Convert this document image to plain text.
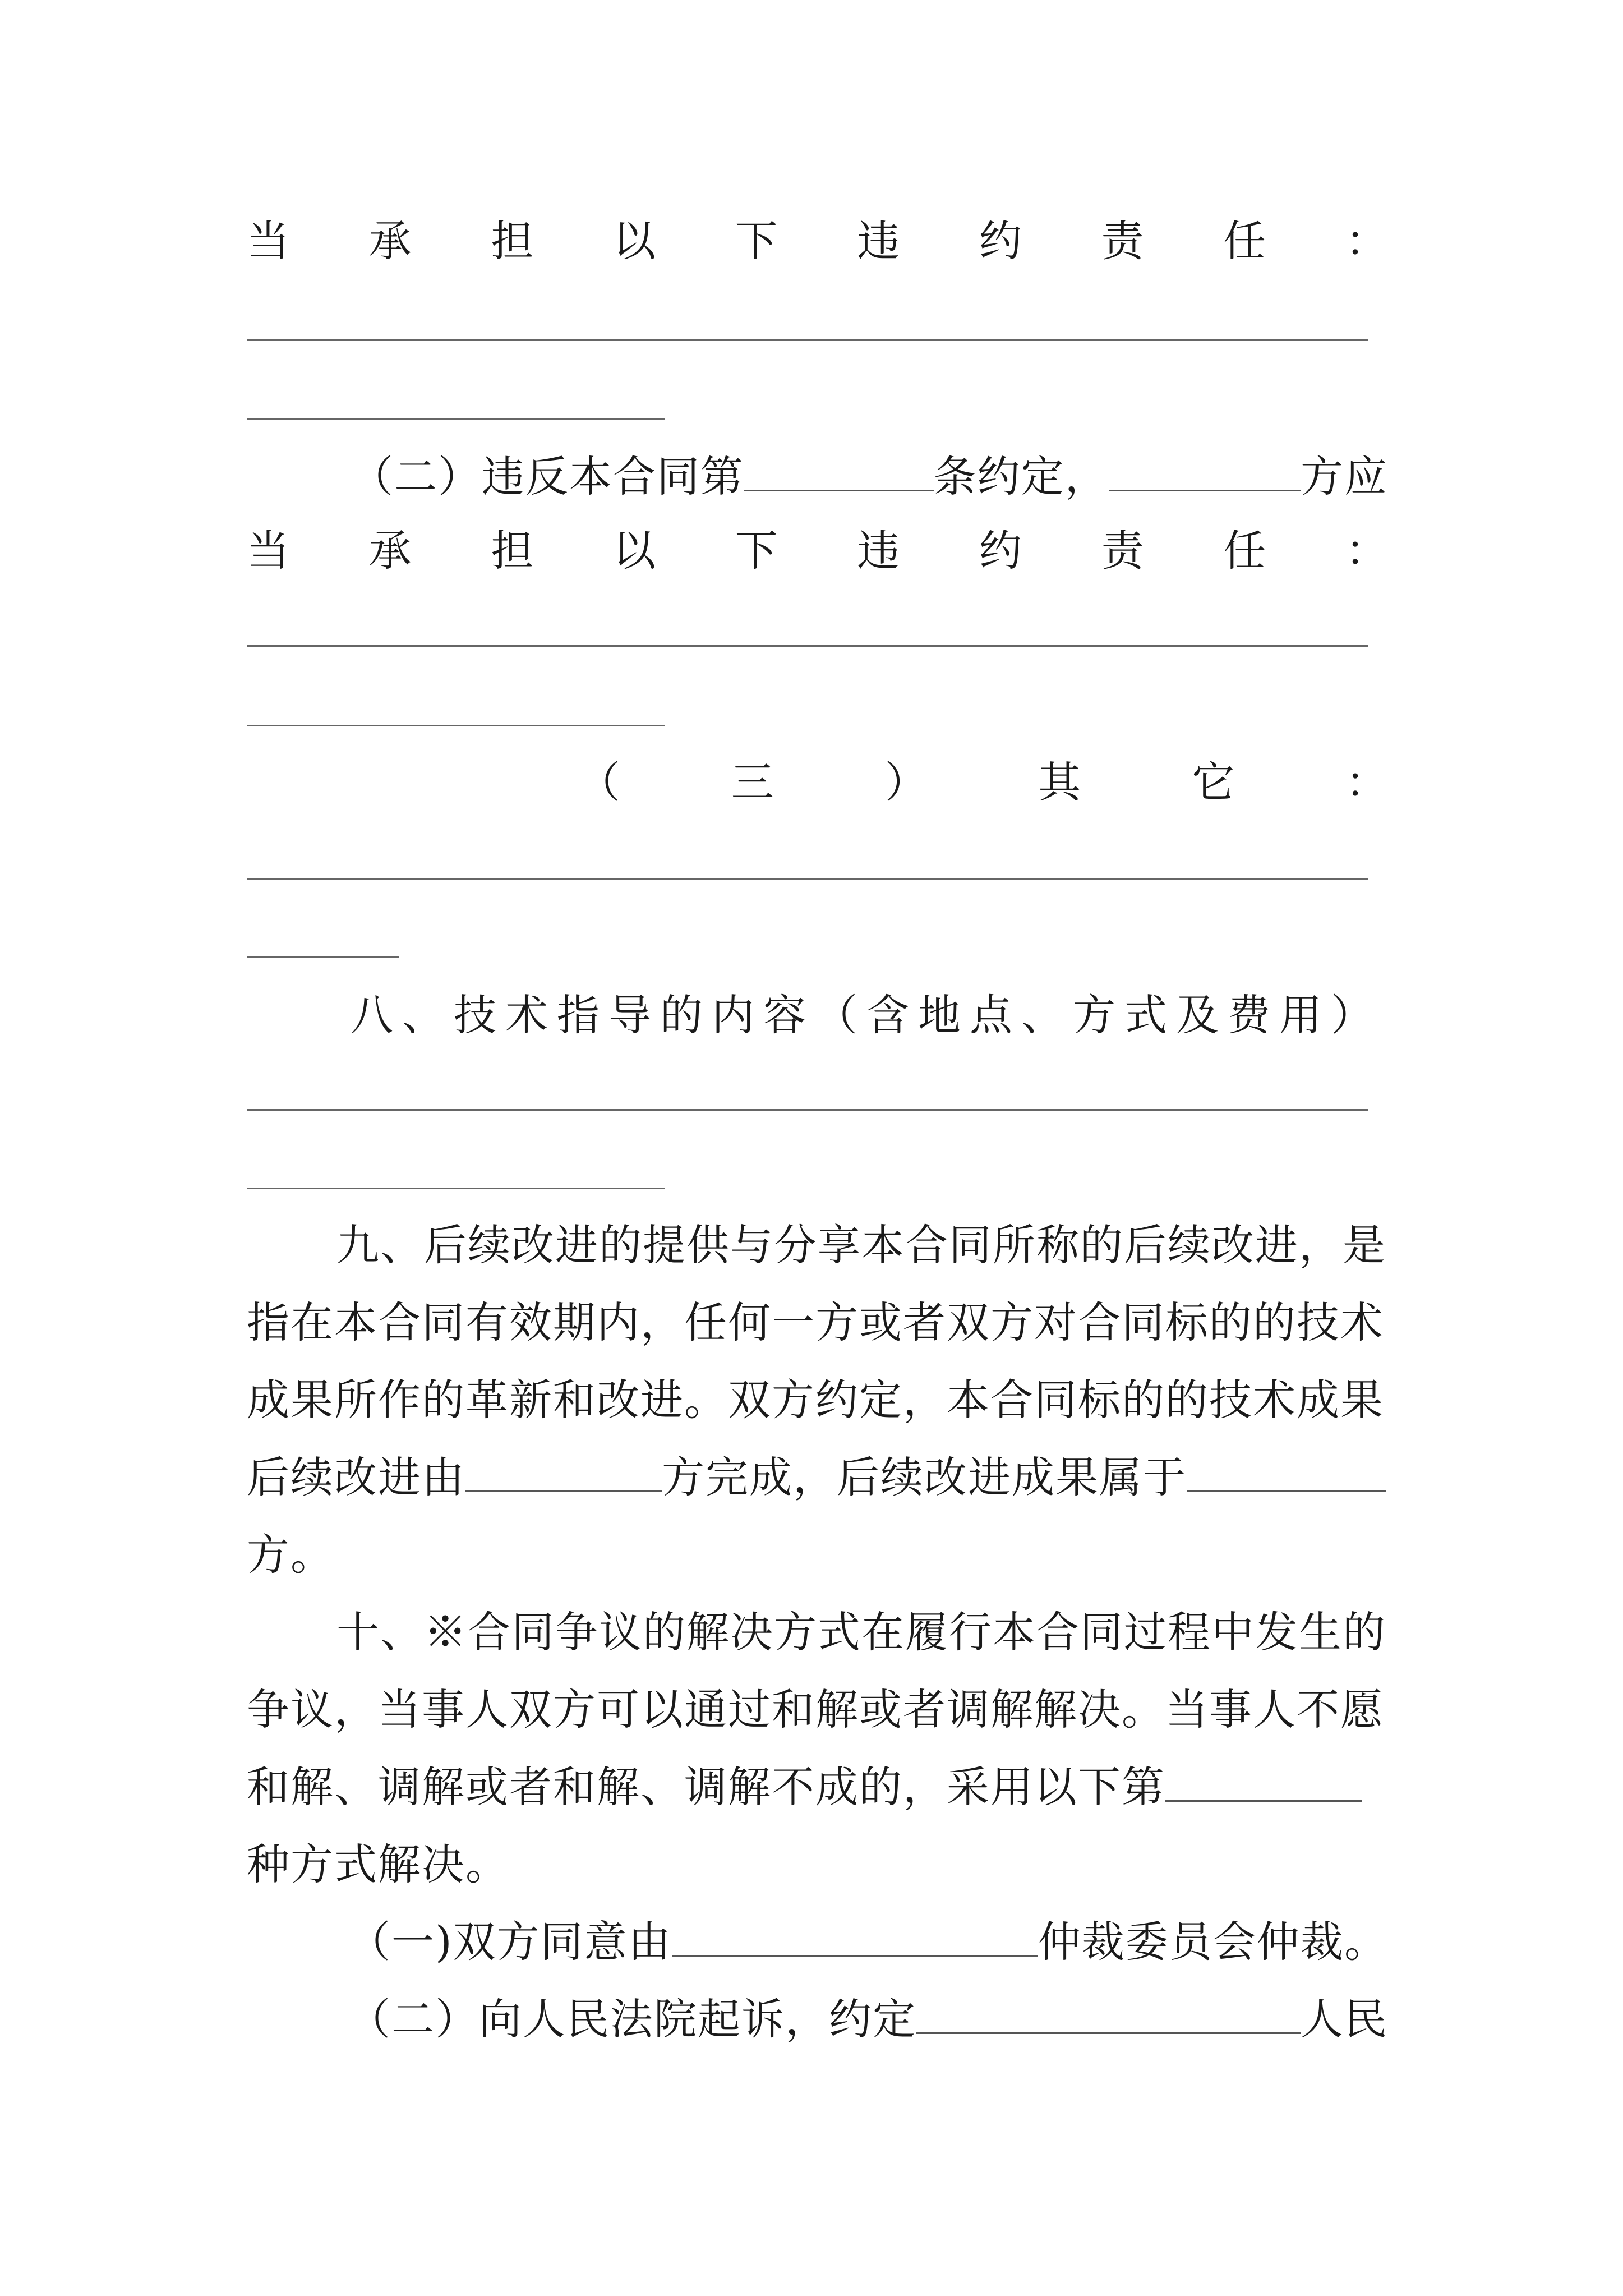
当 承 担 以 下 违 约 责 任 ：
（二）违反本合同第	条约定，	方应
当 承 担 以 下 违 约 责 任 ：
（	三	）	其	它	：
八、技术指导的内容（含地点、方式及费用）
九、后续改进的提供与分享本合同所称的后续改进，是
指在本合同有效期内，任何一方或者双方对合同标的的技术
成果所作的革新和改进。双方约定，本合同标的的技术成果
后续改进由	方完成，后续改进成果属于
方。
十、※合同争议的解决方式在履行本合同过程中发生的
争议，当事人双方可以通过和解或者调解解决。当事人不愿
和解、调解或者和解、调解不成的，采用以下第
种方式解决。
（一)双方同意由	仲裁委员会仲裁。
（二）向人民法院起诉，约定	人民
